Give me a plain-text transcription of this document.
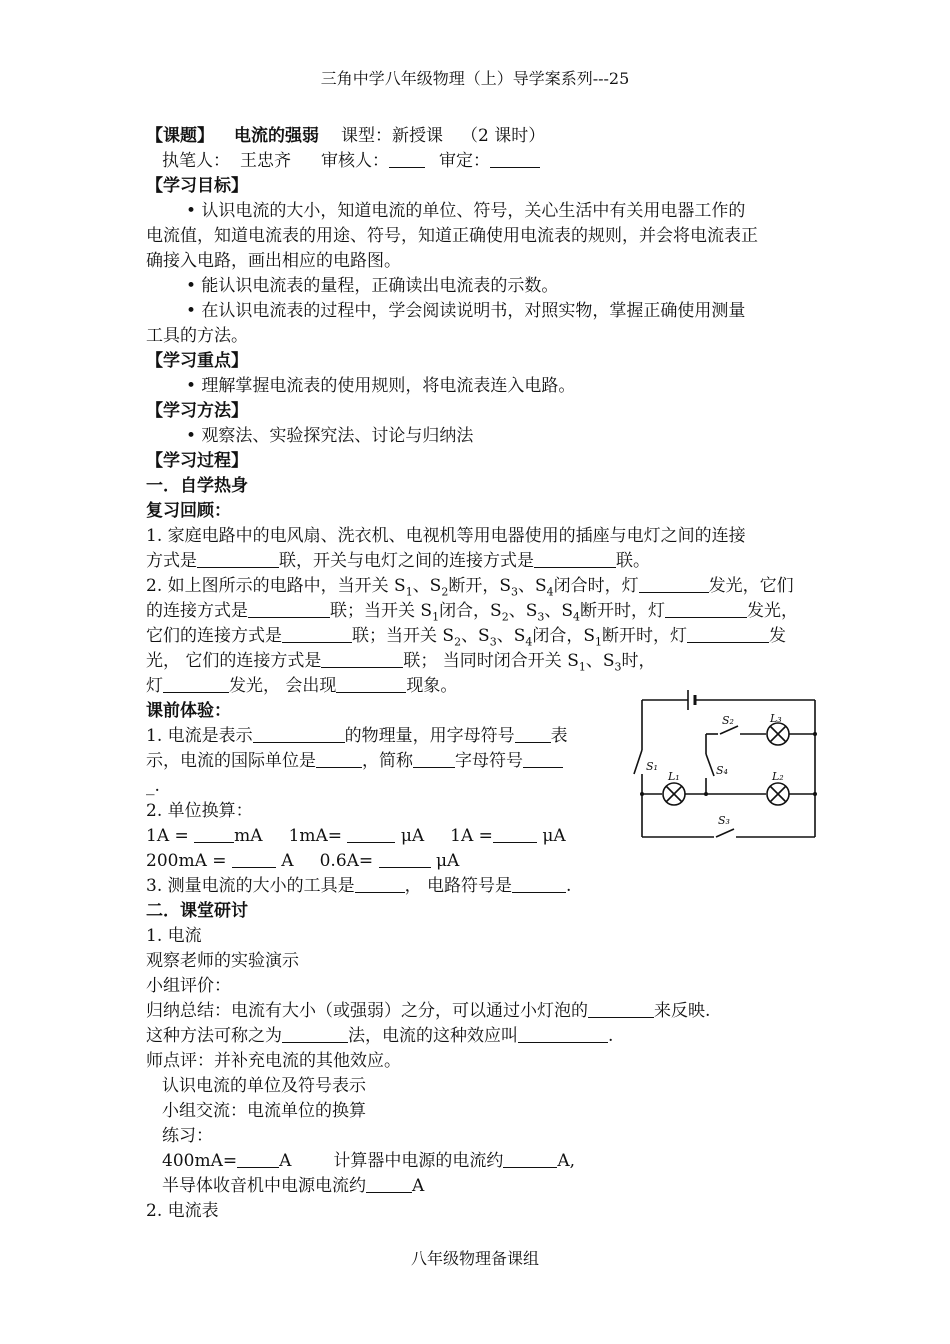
三角中学八年级物理（上）导学案系列---25
【课题】 电流的强弱 课型：新授课 （2 课时）
执笔人： 王忠齐 审核人：	审定：
【学习目标】
• 认识电流的大小，知道电流的单位、符号，关心生活中有关用电器工作的
电流值，知道电流表的用途、符号，知道正确使用电流表的规则，并会将电流表正
确接入电路，画出相应的电路图。
• 能认识电流表的量程，正确读出电流表的示数。
• 在认识电流表的过程中，学会阅读说明书，对照实物，掌握正确使用测量
工具的方法。
【学习重点】
• 理解掌握电流表的使用规则，将电流表连入电路。
【学习方法】
• 观察法、实验探究法、讨论与归纳法
【学习过程】
一．自学热身
复习回顾：
1. 家庭电路中的电风扇、洗衣机、电视机等用电器使用的插座与电灯之间的连接
方式是	联，开关与电灯之间的连接方式是	联。
2. 如上图所示的电路中，当开关 $S_1$、$S_2$断开，$S_3$、$S_4$闭合时，灯	发光，它们
的连接方式是	联；当开关 $S_1$闭合，$S_2$、$S_3$、$S_4$断开时，灯	发光，
它们的连接方式是	联；当开关 $S_2$、$S_3$、$S_4$闭合，$S_1$断开时，灯	发
光， 它们的连接方式是	联； 当同时闭合开关 $S_1$、$S_3$时，
灯	发光， 会出现	现象。
课前体验：
1. 电流是表示	的物理量，用字母符号 表
示，电流的国际单位是	，简称 字母符号
_.
2. 单位换算：
1A = mA 1mA=	μA 1A =	μA
200mA =	A 0.6A=	μA
3. 测量电流的大小的工具是	， 电路符号是	.
二．课堂研讨
1. 电流
观察老师的实验演示
小组评价：
归纳总结：电流有大小（或强弱）之分，可以通过小灯泡的	来反映.
这种方法可称之为	法，电流的这种效应叫	.
师点评：并补充电流的其他效应。
认识电流的单位及符号表示
小组交流：电流单位的换算
练习：
400mA= A 计算器中电源的电流约	A,
半导体收音机中电源电流约	A
2. 电流表
S₁
S₂
S₄
L₃
L₁	L₂
S₃
八年级物理备课组
